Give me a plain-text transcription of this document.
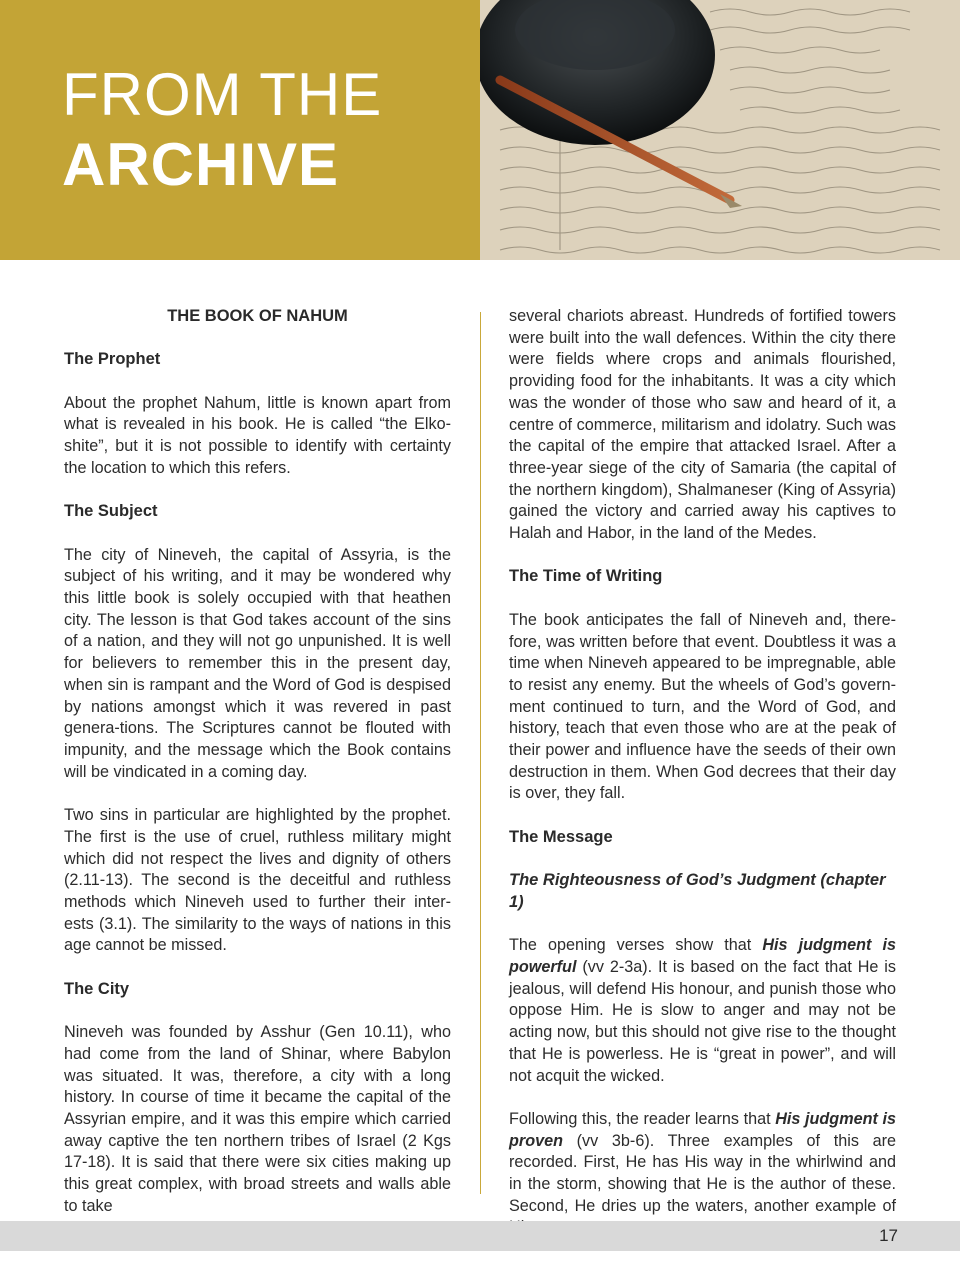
FROM THE
ARCHIVE
THE BOOK OF NAHUM
The Prophet

About the prophet Nahum, little is known apart from what is revealed in his book. He is called “the Elko-shite”, but it is not possible to identify with certainty the location to which this refers.

The Subject

The city of Nineveh, the capital of Assyria, is the subject of his writing, and it may be wondered why this little book is solely occupied with that heathen city. The lesson is that God takes account of the sins of a nation, and they will not go unpunished. It is well for believers to remember this in the present day, when sin is rampant and the Word of God is despised by nations amongst which it was revered in past genera-tions. The Scriptures cannot be flouted with impunity, and the message which the Book contains will be vindicated in a coming day.

Two sins in particular are highlighted by the prophet. The first is the use of cruel, ruthless military might which did not respect the lives and dignity of others (2.11-13). The second is the deceitful and ruthless methods which Nineveh used to further their inter-ests (3.1). The similarity to the ways of nations in this age cannot be missed.

The City

Nineveh was founded by Asshur (Gen 10.11), who had come from the land of Shinar, where Babylon was situated. It was, therefore, a city with a long history. In course of time it became the capital of the Assyrian empire, and it was this empire which carried away captive the ten northern tribes of Israel (2 Kgs 17-18). It is said that there were six cities making up this great complex, with broad streets and walls able to take

several chariots abreast. Hundreds of fortified towers were built into the wall defences. Within the city there were fields where crops and animals flourished, providing food for the inhabitants. It was a city which was the wonder of those who saw and heard of it, a centre of commerce, militarism and idolatry. Such was the capital of the empire that attacked Israel. After a three-year siege of the city of Samaria (the capital of the northern kingdom), Shalmaneser (King of Assyria) gained the victory and carried away his captives to Halah and Habor, in the land of the Medes.

The Time of Writing

The book anticipates the fall of Nineveh and, there-fore, was written before that event. Doubtless it was a time when Nineveh appeared to be impregnable, able to resist any enemy. But the wheels of God’s govern-ment continued to turn, and the Word of God, and history, teach that even those who are at the peak of their power and influence have the seeds of their own destruction in them. When God decrees that their day is over, they fall.

The Message
The Righteousness of God’s Judgment (chapter 1)

The opening verses show that His judgment is powerful (vv 2-3a). It is based on the fact that He is jealous, will defend His honour, and punish those who oppose Him. He is slow to anger and may not be acting now, but this should not give rise to the thought that He is powerless. He is “great in power”, and will not acquit the wicked.

Following this, the reader learns that His judgment is proven (vv 3b-6). Three examples of this are recorded. First, He has His way in the whirlwind and in the storm, showing that He is the author of these. Second, He dries up the waters, another example of

17
